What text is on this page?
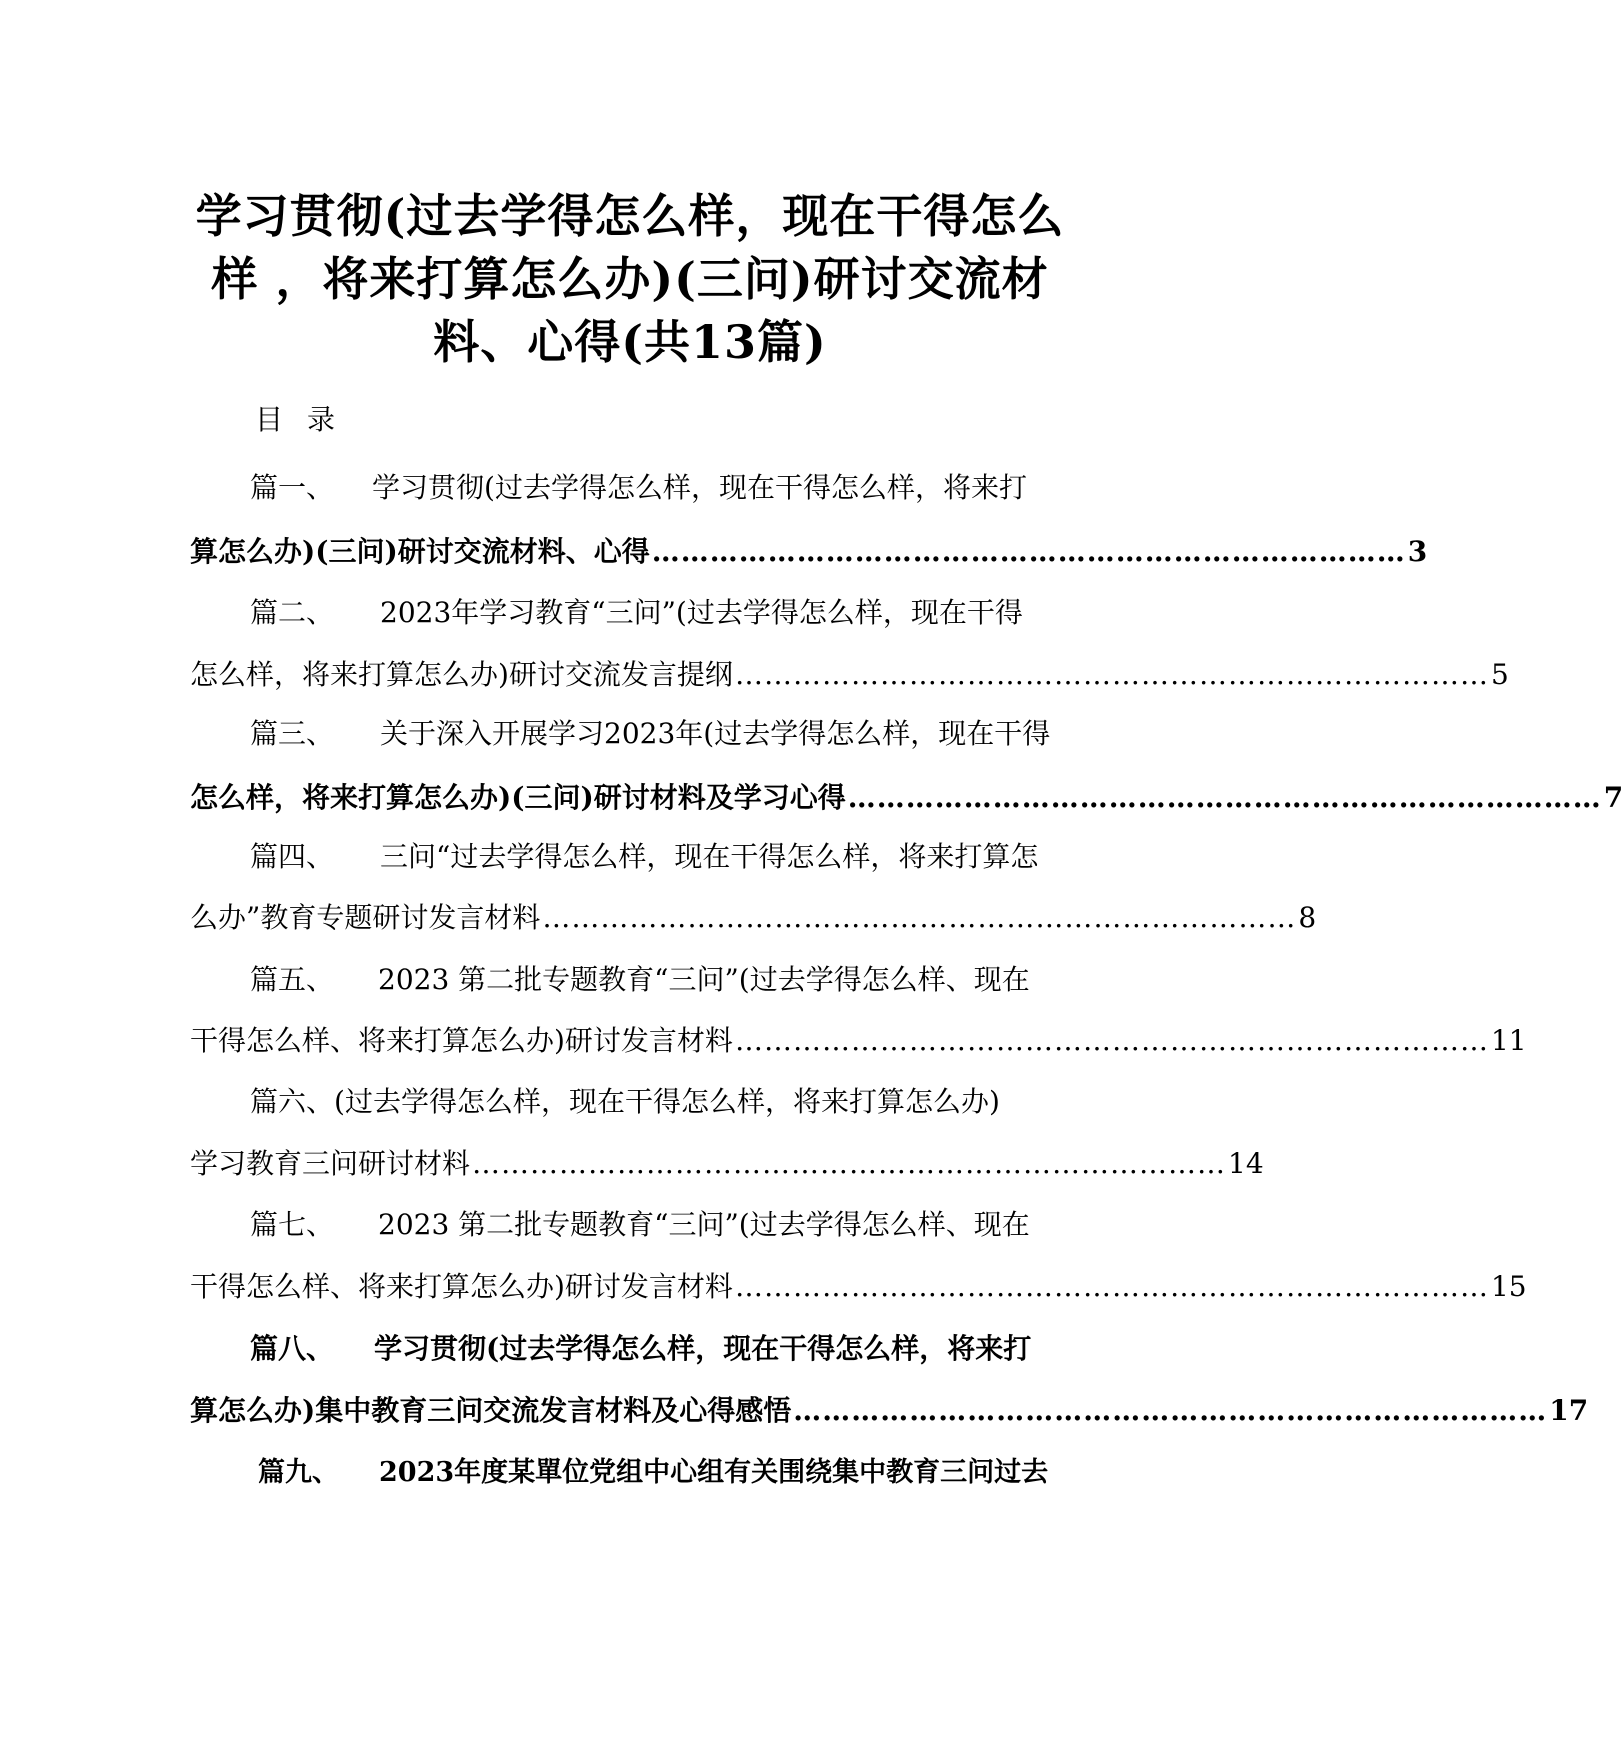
学习贯彻(过去学得怎么样，现在干得怎么样 ，将来打算怎么办)(三问)研讨交流材料、心得(共13篇)
目录
篇一、 学习贯彻(过去学得怎么样，现在干得怎么样，将来打
算怎么办)(三问)研讨交流材料、心得 …………………………………………………………………… 3
篇二、 2023年学习教育“三问”(过去学得怎么样，现在干得
怎么样，将来打算怎么办)研讨交流发言提纲 …………………………………………………………………… 5
篇三、 关于深入开展学习2023年(过去学得怎么样，现在干得
怎么样，将来打算怎么办)(三问)研讨材料及学习心得 …………………………………………………………………… 7
篇四、 三问“过去学得怎么样，现在干得怎么样，将来打算怎
么办”教育专题研讨发言材料 …………………………………………………………………… 8
篇五、 2023 第二批专题教育“三问”(过去学得怎么样、现在
干得怎么样、将来打算怎么办)研讨发言材料 …………………………………………………………………… 11
篇六、(过去学得怎么样，现在干得怎么样，将来打算怎么办)
学习教育三问研讨材料 …………………………………………………………………… 14
篇七、 2023 第二批专题教育“三问”(过去学得怎么样、现在
干得怎么样、将来打算怎么办)研讨发言材料 …………………………………………………………………… 15
篇八、 学习贯彻(过去学得怎么样，现在干得怎么样，将来打
算怎么办)集中教育三问交流发言材料及心得感悟 …………………………………………………………………… 17
篇九、 2023年度某單位党组中心组有关围绕集中教育三问过去
